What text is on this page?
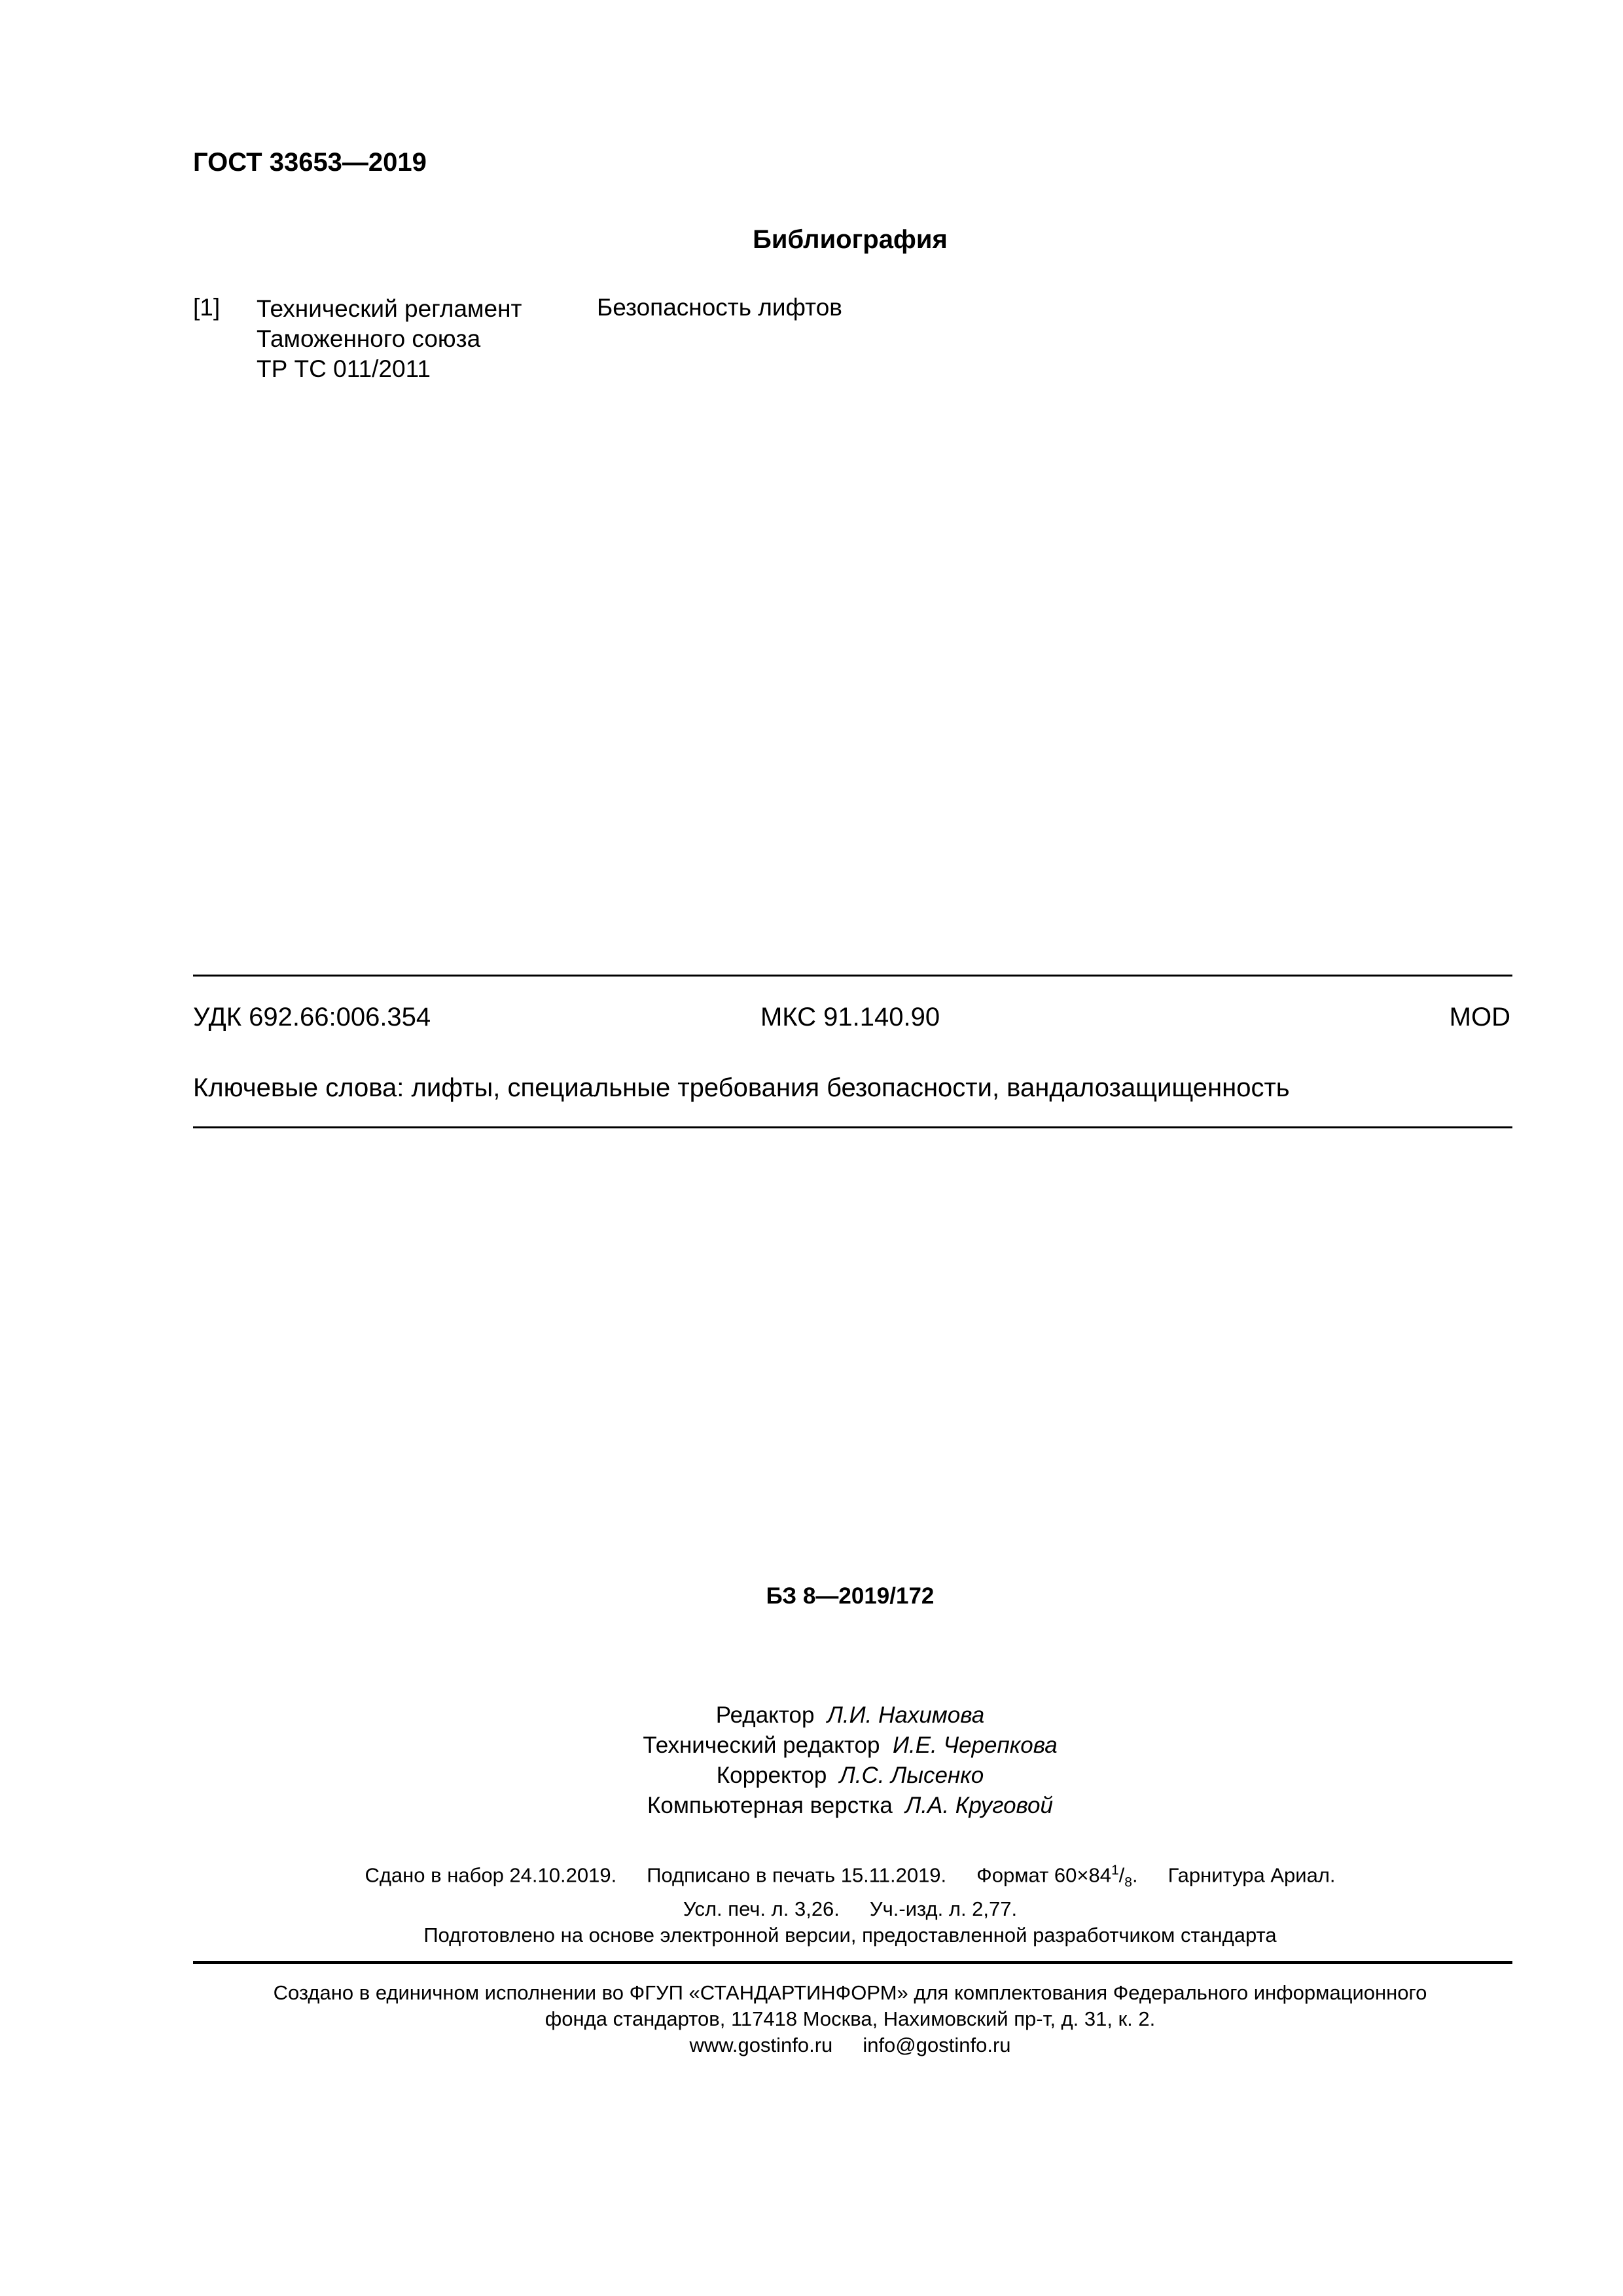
ГОСТ 33653—2019
Библиография
[1] Технический регламент
Таможенного союза
ТР ТС 011/2011
Безопасность лифтов
УДК 692.66:006.354	МКС 91.140.90	MOD
Ключевые слова: лифты, специальные требования безопасности, вандалозащищенность
БЗ 8—2019/172
Редактор Л.И. Нахимова
Технический редактор И.Е. Черепкова
Корректор Л.С. Лысенко
Компьютерная верстка Л.А. Круговой
Сдано в набор 24.10.2019. Подписано в печать 15.11.2019. Формат $60\times 84^1/_8$. Гарнитура Ариал.
Усл. печ. л. 3,26. Уч.-изд. л. 2,77.
Подготовлено на основе электронной версии, предоставленной разработчиком стандарта
Создано в единичном исполнении во ФГУП «СТАНДАРТИНФОРМ» для комплектования Федерального информационного
фонда стандартов, 117418 Москва, Нахимовский пр-т, д. 31, к. 2.
www.gostinfo.ru info@gostinfo.ru
